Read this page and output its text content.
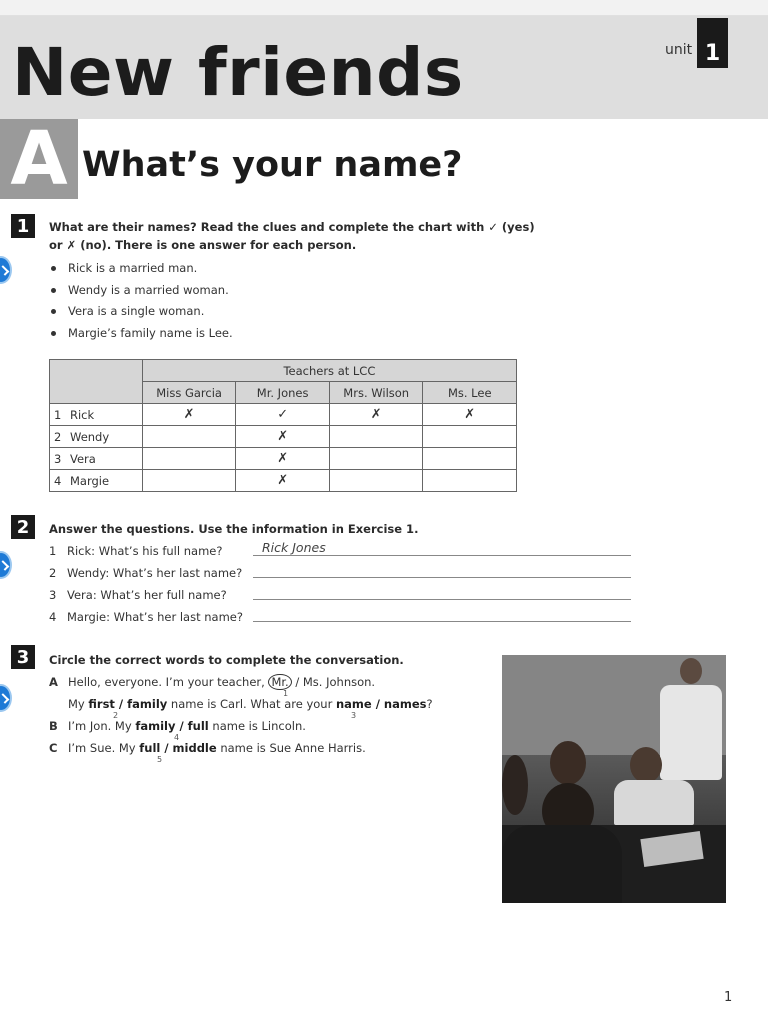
unit 1
New friends
A What’s your name?
1	What are their names? Read the clues and complete the chart with ✓ (yes)
or ✗ (no). There is one answer for each person.
Rick is a married man.
Wendy is a married woman.
Vera is a single woman.
Margie’s family name is Lee.
	Teachers at LCC			
	Miss Garcia	Mr. Jones	Mrs. Wilson	Ms. Lee
1 Rick	✗	✓	✗	✗
2 Wendy		✗		
3 Vera		✗		
4 Margie		✗		
2	Answer the questions. Use the information in Exercise 1.
1 Rick: What’s his full name?	Rick Jones
2 Wendy: What’s her last name?
3 Vera: What’s her full name?
4 Margie: What’s her last name?
3	Circle the correct words to complete the conversation.
A Hello, everyone. I’m your teacher, Mr. / Ms. Johnson.
My first / family name is Carl. What are your name / names?
B I’m Jon. My family / full name is Lincoln.
C I’m Sue. My full / middle name is Sue Anne Harris.
1
2	3
4
5
1
